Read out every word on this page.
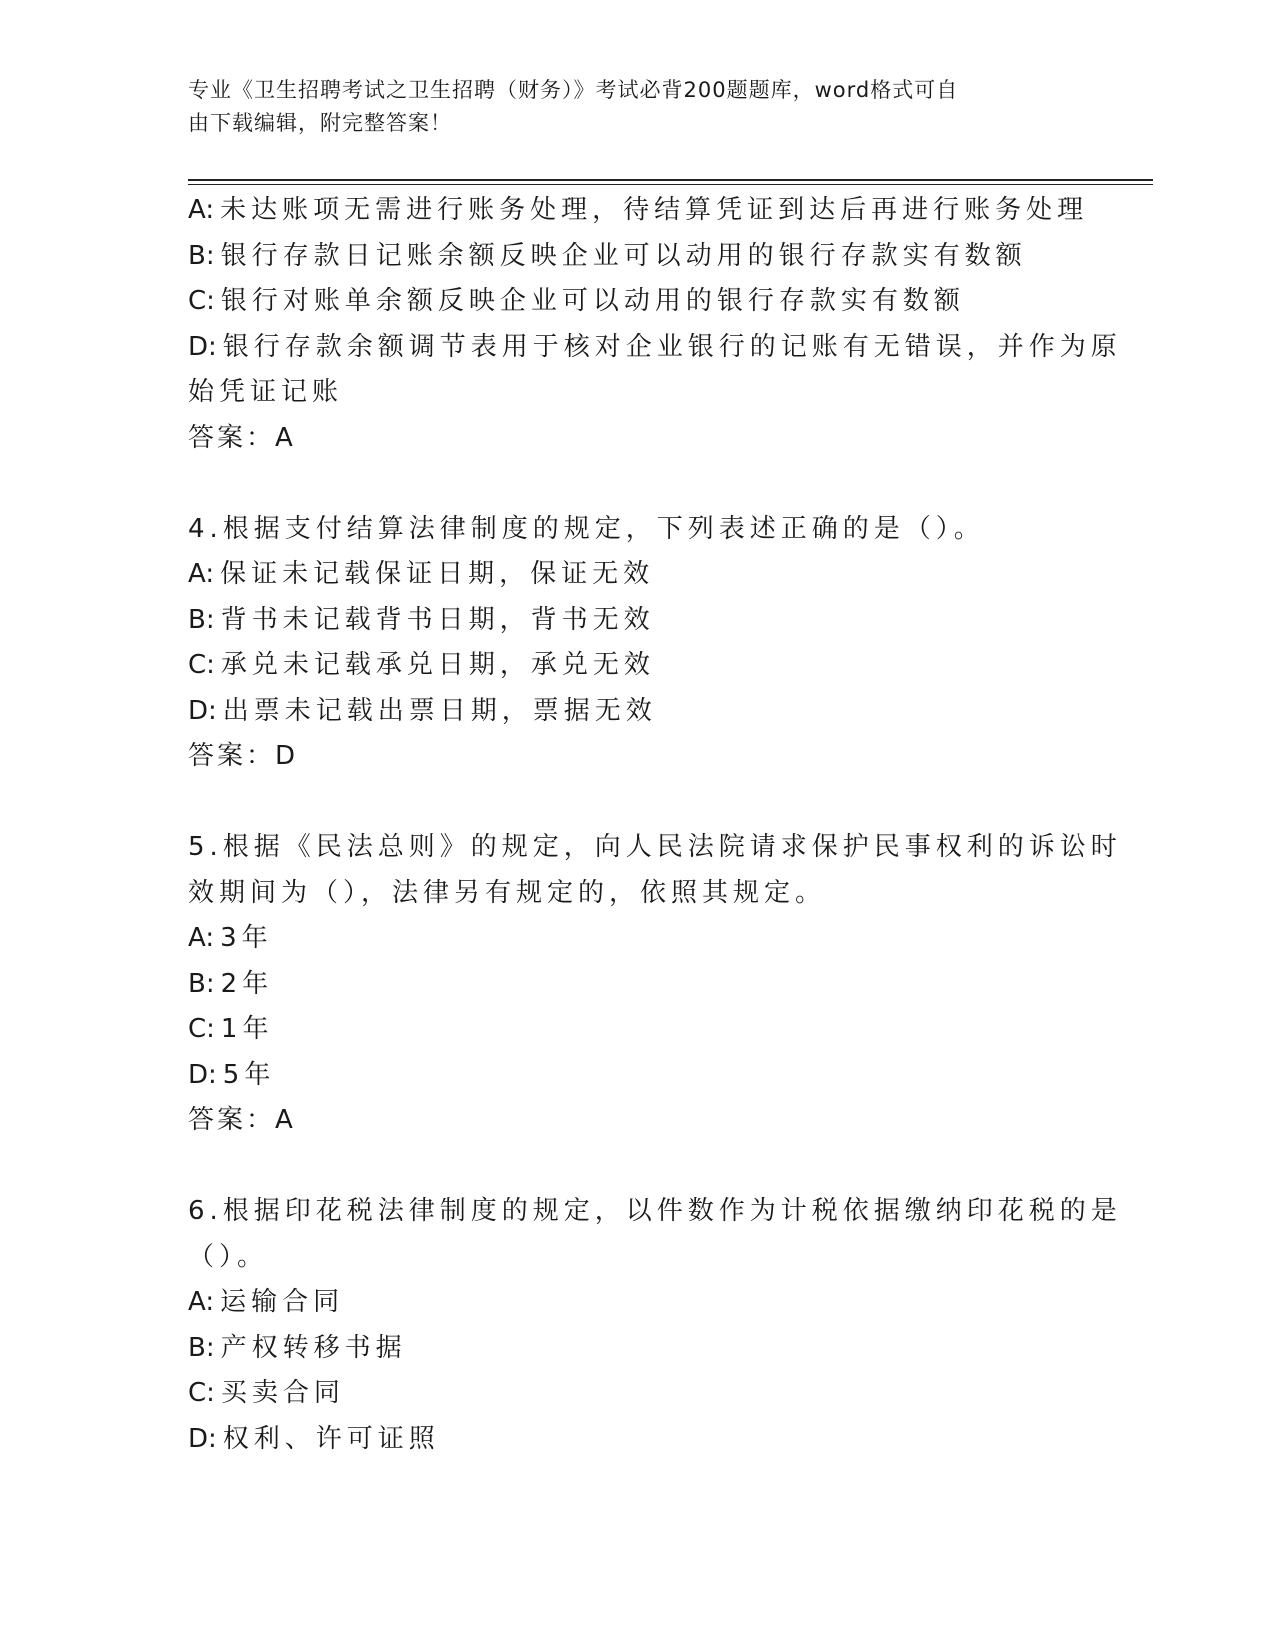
专业《卫生招聘考试之卫生招聘（财务）》考试必背200题题库，word格式可自
由下载编辑，附完整答案！
A: 未达账项无需进行账务处理，待结算凭证到达后再进行账务处理
B: 银行存款日记账余额反映企业可以动用的银行存款实有数额
C: 银行对账单余额反映企业可以动用的银行存款实有数额
D: 银行存款余额调节表用于核对企业银行的记账有无错误，并作为原
始凭证记账
答案：A
4.根据支付结算法律制度的规定，下列表述正确的是（）。
A: 保证未记载保证日期，保证无效
B: 背书未记载背书日期，背书无效
C: 承兑未记载承兑日期，承兑无效
D: 出票未记载出票日期，票据无效
答案：D
5.根据《民法总则》的规定，向人民法院请求保护民事权利的诉讼时
效期间为（），法律另有规定的，依照其规定。
A: 3年
B: 2年
C: 1年
D: 5年
答案：A
6.根据印花税法律制度的规定，以件数作为计税依据缴纳印花税的是
（）。
A: 运输合同
B: 产权转移书据
C: 买卖合同
D: 权利、许可证照
